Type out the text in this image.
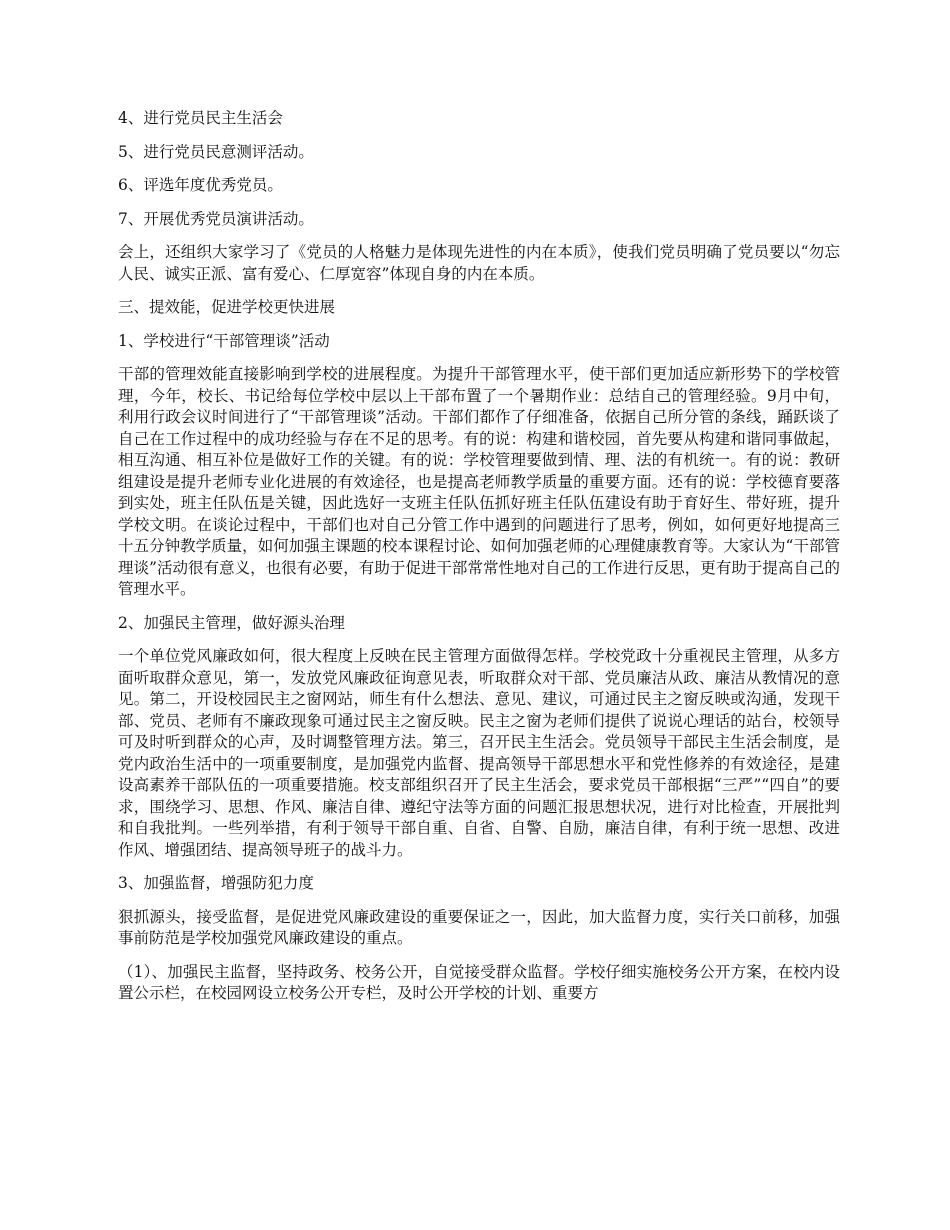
4、进行党员民主生活会

5、进行党员民意测评活动。

6、评选年度优秀党员。

7、开展优秀党员演讲活动。

会上，还组织大家学习了《党员的人格魅力是体现先进性的内在本质》，使我们党员明确了党员要以“勿忘人民、诚实正派、富有爱心、仁厚宽容”体现自身的内在本质。

三、提效能，促进学校更快进展

1、学校进行“干部管理谈”活动

干部的管理效能直接影响到学校的进展程度。为提升干部管理水平，使干部们更加适应新形势下的学校管理，今年，校长、书记给每位学校中层以上干部布置了一个暑期作业：总结自己的管理经验。9月中旬，利用行政会议时间进行了“干部管理谈”活动。干部们都作了仔细准备，依据自己所分管的条线，踊跃谈了自己在工作过程中的成功经验与存在不足的思考。有的说：构建和谐校园，首先要从构建和谐同事做起，相互沟通、相互补位是做好工作的关键。有的说：学校管理要做到情、理、法的有机统一。有的说：教研组建设是提升老师专业化进展的有效途径，也是提高老师教学质量的重要方面。还有的说：学校德育要落到实处，班主任队伍是关键，因此选好一支班主任队伍抓好班主任队伍建设有助于育好生、带好班，提升学校文明。在谈论过程中，干部们也对自己分管工作中遇到的问题进行了思考，例如，如何更好地提高三十五分钟教学质量，如何加强主课题的校本课程讨论、如何加强老师的心理健康教育等。大家认为“干部管理谈”活动很有意义，也很有必要，有助于促进干部常常性地对自己的工作进行反思，更有助于提高自己的管理水平。

2、加强民主管理，做好源头治理

一个单位党风廉政如何，很大程度上反映在民主管理方面做得怎样。学校党政十分重视民主管理，从多方面听取群众意见，第一，发放党风廉政征询意见表，听取群众对干部、党员廉洁从政、廉洁从教情况的意见。第二，开设校园民主之窗网站，师生有什么想法、意见、建议，可通过民主之窗反映或沟通，发现干部、党员、老师有不廉政现象可通过民主之窗反映。民主之窗为老师们提供了说说心理话的站台，校领导可及时听到群众的心声，及时调整管理方法。第三，召开民主生活会。党员领导干部民主生活会制度，是党内政治生活中的一项重要制度，是加强党内监督、提高领导干部思想水平和党性修养的有效途径，是建设高素养干部队伍的一项重要措施。校支部组织召开了民主生活会，要求党员干部根据“三严”“四自”的要求，围绕学习、思想、作风、廉洁自律、遵纪守法等方面的问题汇报思想状况，进行对比检查，开展批判和自我批判。一些列举措，有利于领导干部自重、自省、自警、自励，廉洁自律，有利于统一思想、改进作风、增强团结、提高领导班子的战斗力。

3、加强监督，增强防犯力度

狠抓源头，接受监督，是促进党风廉政建设的重要保证之一，因此，加大监督力度，实行关口前移，加强事前防范是学校加强党风廉政建设的重点。

（1）、加强民主监督，坚持政务、校务公开，自觉接受群众监督。学校仔细实施校务公开方案，在校内设置公示栏，在校园网设立校务公开专栏，及时公开学校的计划、重要方
